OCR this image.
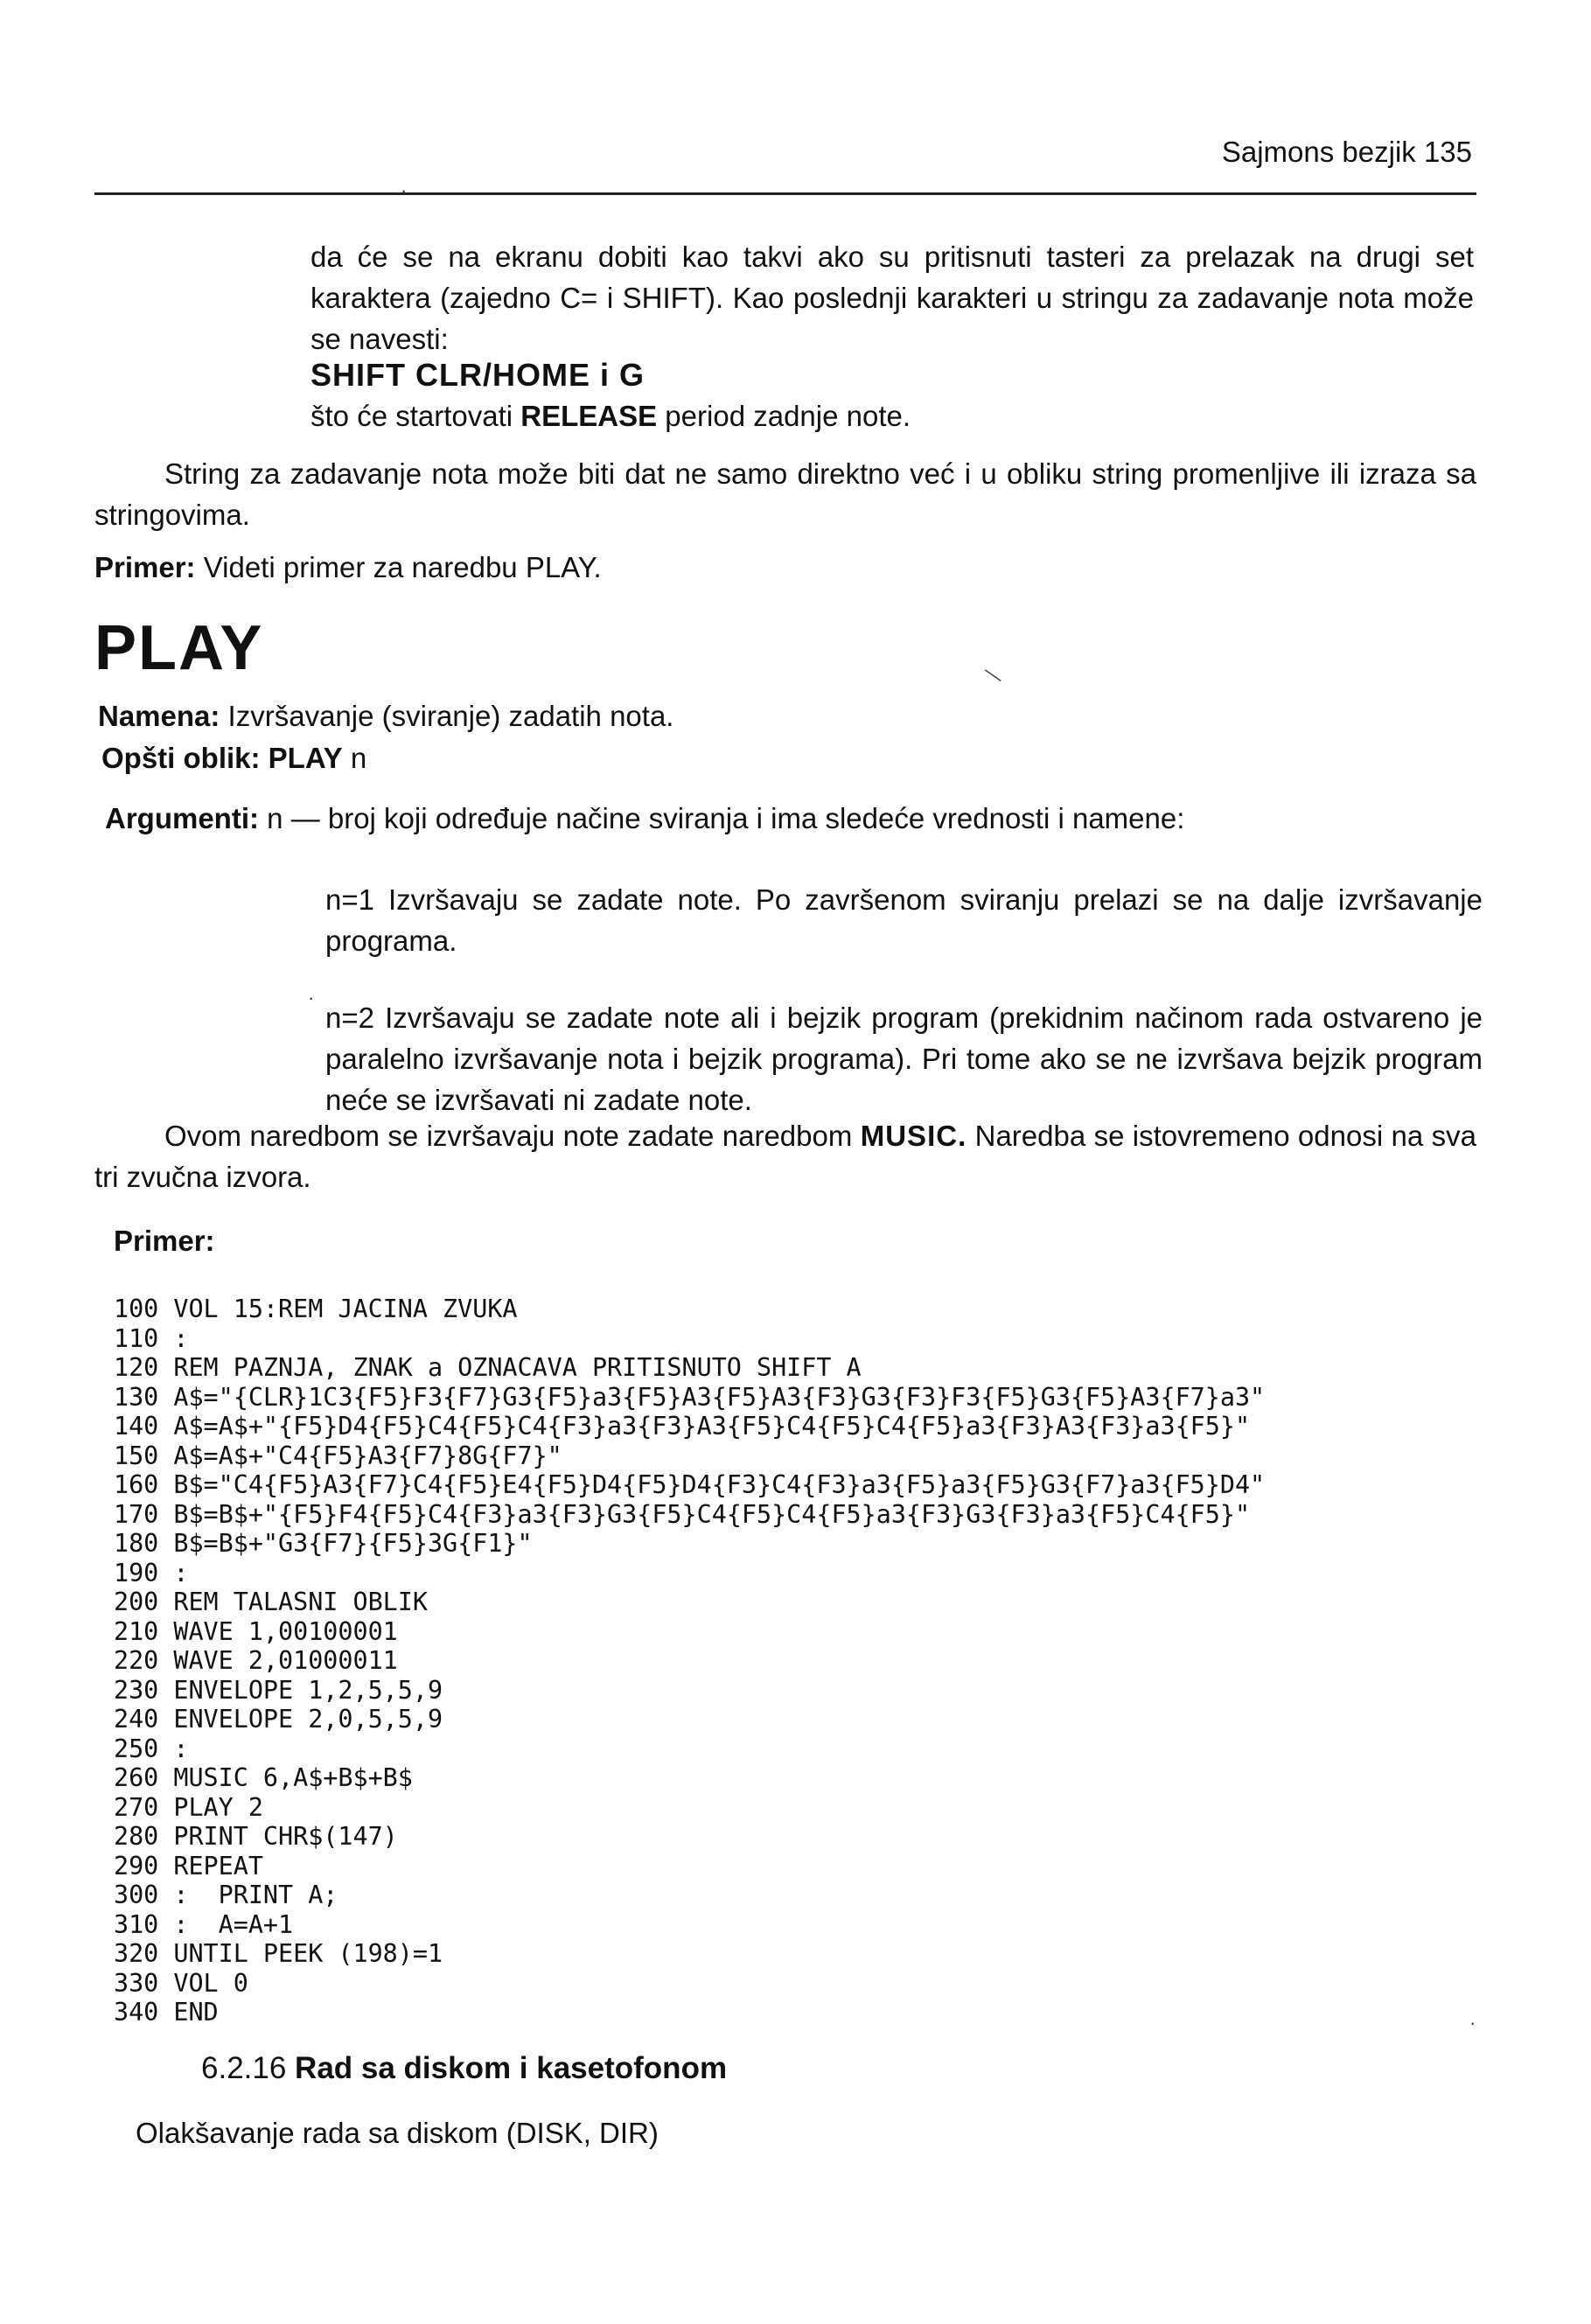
Sajmons bezjik 135
da će se na ekranu dobiti kao takvi ako su pritisnuti tasteri za prelazak na drugi set karaktera (zajedno C= i SHIFT). Kao poslednji karakteri u stringu za zadavanje nota može se navesti:
SHIFT CLR/HOME i G
što će startovati RELEASE period zadnje note.
String za zadavanje nota može biti dat ne samo direktno već i u obliku string promenljive ili izraza sa stringovima.
Primer: Videti primer za naredbu PLAY.
PLAY
Namena: Izvršavanje (sviranje) zadatih nota.
Opšti oblik: PLAY n
Argumenti: n — broj koji određuje načine sviranja i ima sledeće vrednosti i namene:
n=1 Izvršavaju se zadate note. Po završenom sviranju prelazi se na dalje izvršavanje programa.
n=2 Izvršavaju se zadate note ali i bejzik program (prekidnim načinom rada ostvareno je paralelno izvršavanje nota i bejzik programa). Pri tome ako se ne izvršava bejzik program neće se izvršavati ni zadate note.
Ovom naredbom se izvršavaju note zadate naredbom MUSIC. Naredba se istovremeno odnosi na sva tri zvučna izvora.
Primer:
100 VOL 15:REM JACINA ZVUKA
110 :
120 REM PAZNJA, ZNAK a OZNACAVA PRITISNUTO SHIFT A
130 A$="{CLR}1C3{F5}F3{F7}G3{F5}a3{F5}A3{F5}A3{F3}G3{F3}F3{F5}G3{F5}A3{F7}a3"
140 A$=A$+"{F5}D4{F5}C4{F5}C4{F3}a3{F3}A3{F5}C4{F5}C4{F5}a3{F3}A3{F3}a3{F5}"
150 A$=A$+"C4{F5}A3{F7}8G{F7}"
160 B$="C4{F5}A3{F7}C4{F5}E4{F5}D4{F5}D4{F3}C4{F3}a3{F5}a3{F5}G3{F7}a3{F5}D4"
170 B$=B$+"{F5}F4{F5}C4{F3}a3{F3}G3{F5}C4{F5}C4{F5}a3{F3}G3{F3}a3{F5}C4{F5}"
180 B$=B$+"G3{F7}{F5}3G{F1}"
190 :
200 REM TALASNI OBLIK
210 WAVE 1,00100001
220 WAVE 2,01000011
230 ENVELOPE 1,2,5,5,9
240 ENVELOPE 2,0,5,5,9
250 :
260 MUSIC 6,A$+B$+B$
270 PLAY 2
280 PRINT CHR$(147)
290 REPEAT
300 :  PRINT A;
310 :  A=A+1
320 UNTIL PEEK (198)=1
330 VOL 0
340 END
6.2.16 Rad sa diskom i kasetofonom
Olakšavanje rada sa diskom (DISK, DIR)
·
—
·
·
